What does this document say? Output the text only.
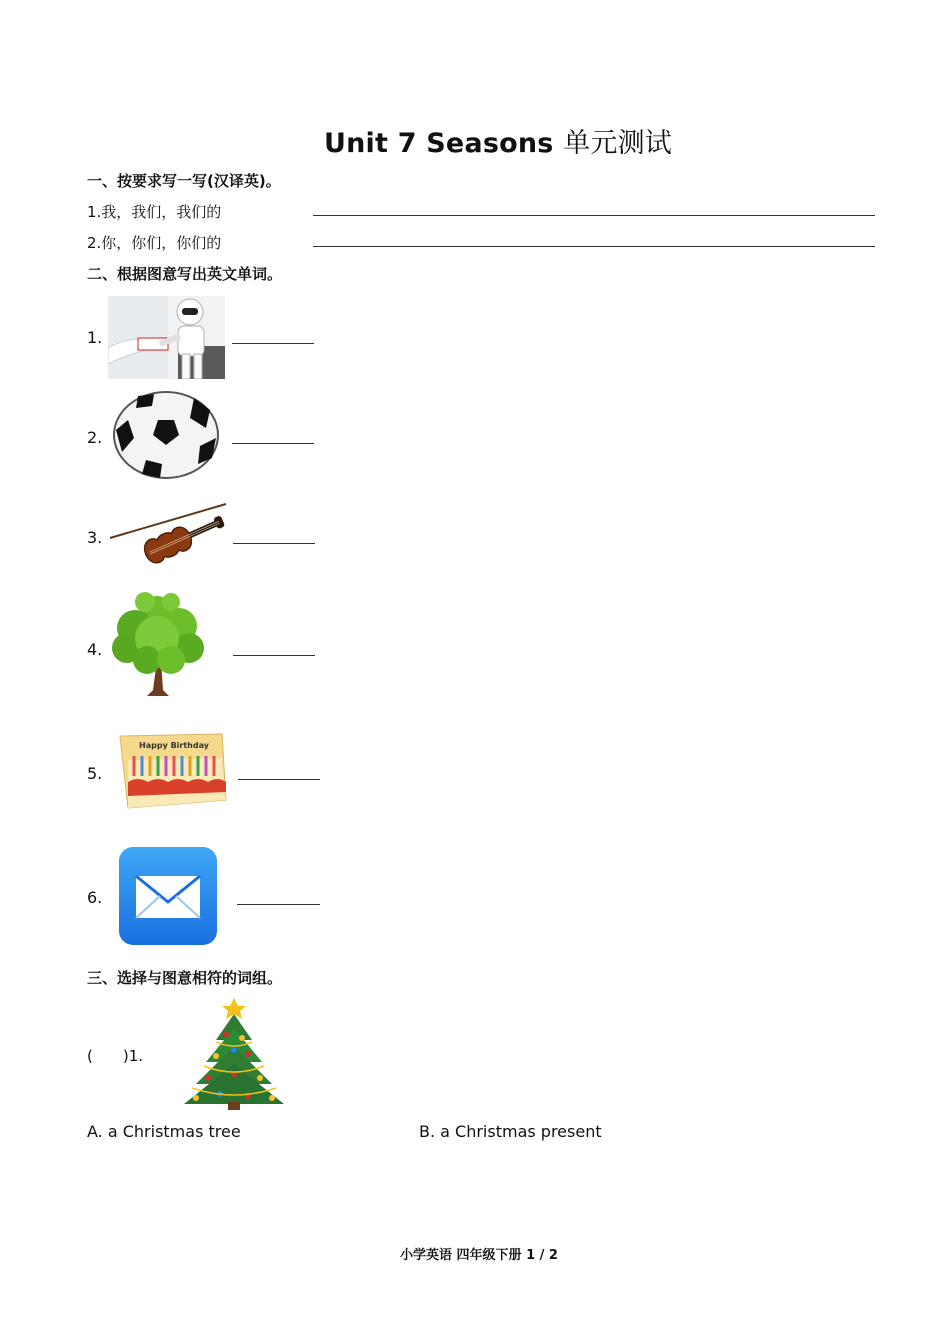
Unit 7 Seasons 单元测试
一、按要求写一写(汉译英)。
1.我，我们，我们的
2.你，你们，你们的
二、根据图意写出英文单词。
1.
2.
3.
4.
5.
Happy Birthday
6.
三、选择与图意相符的词组。
(　　)1.
A. a Christmas tree	B. a Christmas present
小学英语 四年级下册 1 / 2
